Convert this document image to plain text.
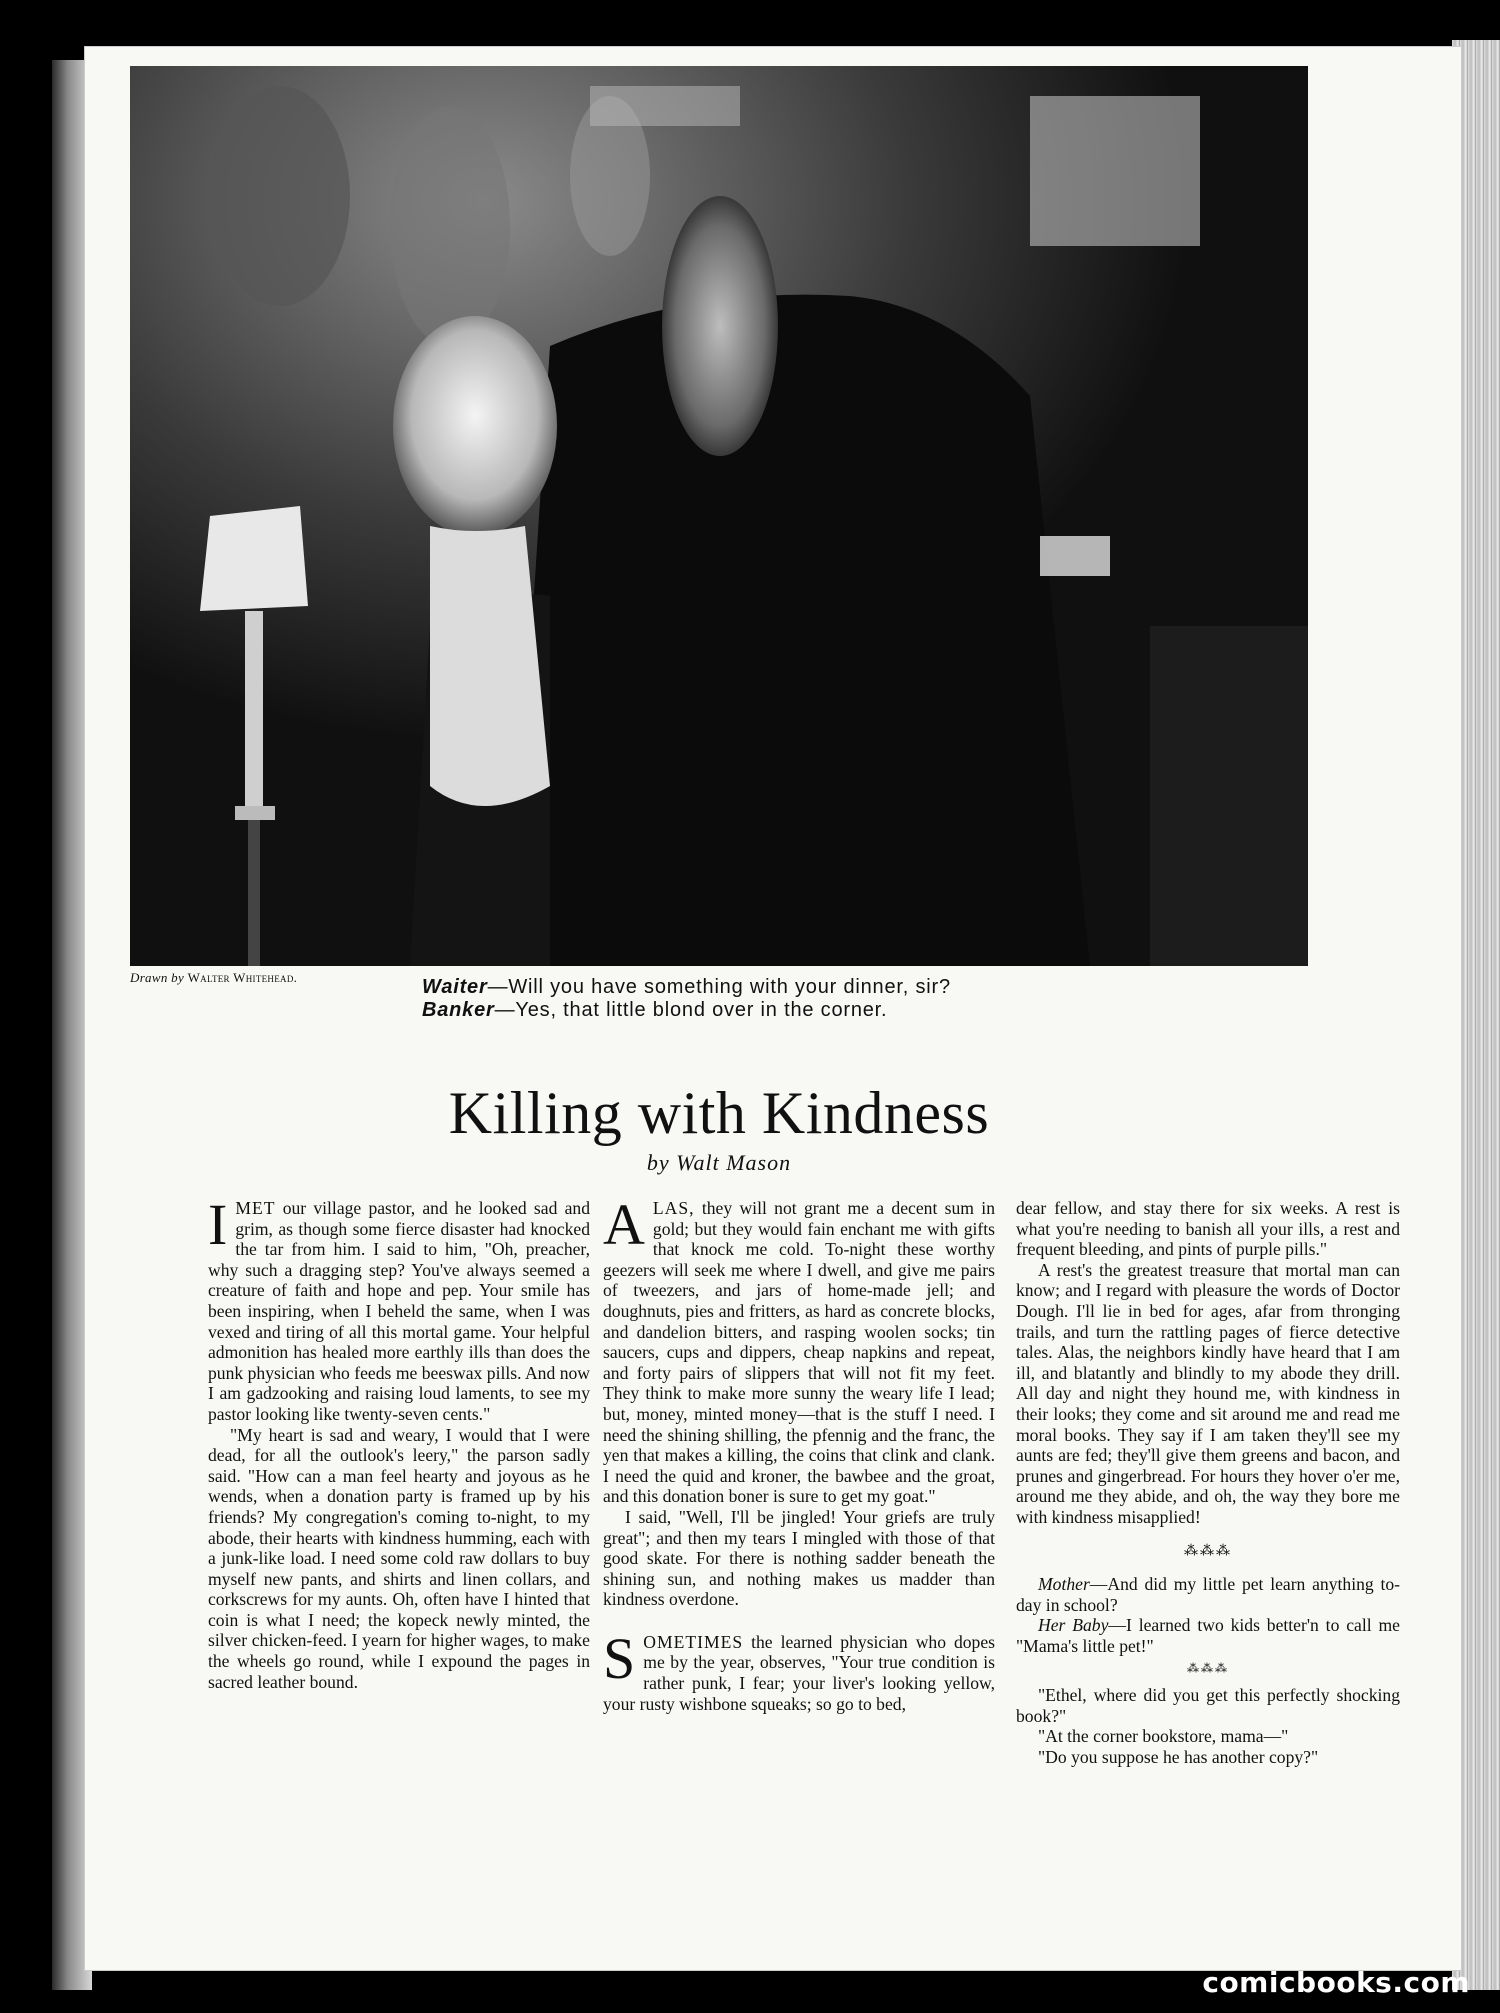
Drawn by Walter Whitehead.	Waiter—Will you have something with your dinner, sir?
Banker—Yes, that little blond over in the corner.
Killing with Kindness
by Walt Mason

IMET our village pastor, and he looked sad and grim, as though some fierce disaster had knocked the tar from him. I said to him, "Oh, preacher, why such a dragging step? You've always seemed a creature of faith and hope and pep. Your smile has been inspiring, when I beheld the same, when I was vexed and tiring of all this mortal game. Your helpful admonition has healed more earthly ills than does the punk physician who feeds me beeswax pills. And now I am gadzooking and raising loud laments, to see my pastor looking like twenty-seven cents."

"My heart is sad and weary, I would that I were dead, for all the outlook's leery," the parson sadly said. "How can a man feel hearty and joyous as he wends, when a donation party is framed up by his friends? My congregation's coming to-night, to my abode, their hearts with kindness humming, each with a junk-like load. I need some cold raw dollars to buy myself new pants, and shirts and linen collars, and corkscrews for my aunts. Oh, often have I hinted that coin is what I need; the kopeck newly minted, the silver chicken-feed. I yearn for higher wages, to make the wheels go round, while I expound the pages in sacred leather bound.

ALAS, they will not grant me a decent sum in gold; but they would fain enchant me with gifts that knock me cold. To-night these worthy geezers will seek me where I dwell, and give me pairs of tweezers, and jars of home-made jell; and doughnuts, pies and fritters, as hard as concrete blocks, and dandelion bitters, and rasping woolen socks; tin saucers, cups and dippers, cheap napkins and repeat, and forty pairs of slippers that will not fit my feet. They think to make more sunny the weary life I lead; but, money, minted money—that is the stuff I need. I need the shining shilling, the pfennig and the franc, the yen that makes a killing, the coins that clink and clank. I need the quid and kroner, the bawbee and the groat, and this donation boner is sure to get my goat."

I said, "Well, I'll be jingled! Your griefs are truly great"; and then my tears I mingled with those of that good skate. For there is nothing sadder beneath the shining sun, and nothing makes us madder than kindness overdone.

SOMETIMES the learned physician who dopes me by the year, observes, "Your true condition is rather punk, I fear; your liver's looking yellow, your rusty wishbone squeaks; so go to bed,

dear fellow, and stay there for six weeks. A rest is what you're needing to banish all your ills, a rest and frequent bleeding, and pints of purple pills."

A rest's the greatest treasure that mortal man can know; and I regard with pleasure the words of Doctor Dough. I'll lie in bed for ages, afar from thronging trails, and turn the rattling pages of fierce detective tales. Alas, the neighbors kindly have heard that I am ill, and blatantly and blindly to my abode they drill. All day and night they hound me, with kindness in their looks; they come and sit around me and read me moral books. They say if I am taken they'll see my aunts are fed; they'll give them greens and bacon, and prunes and gingerbread. For hours they hover o'er me, around me they abide, and oh, the way they bore me with kindness misapplied!

⁂⁂⁂

Mother—And did my little pet learn anything to-day in school?

Her Baby—I learned two kids better'n to call me "Mama's little pet!"

⁂⁂⁂

"Ethel, where did you get this perfectly shocking book?"

"At the corner bookstore, mama—"

"Do you suppose he has another copy?"

comicbooks.com
